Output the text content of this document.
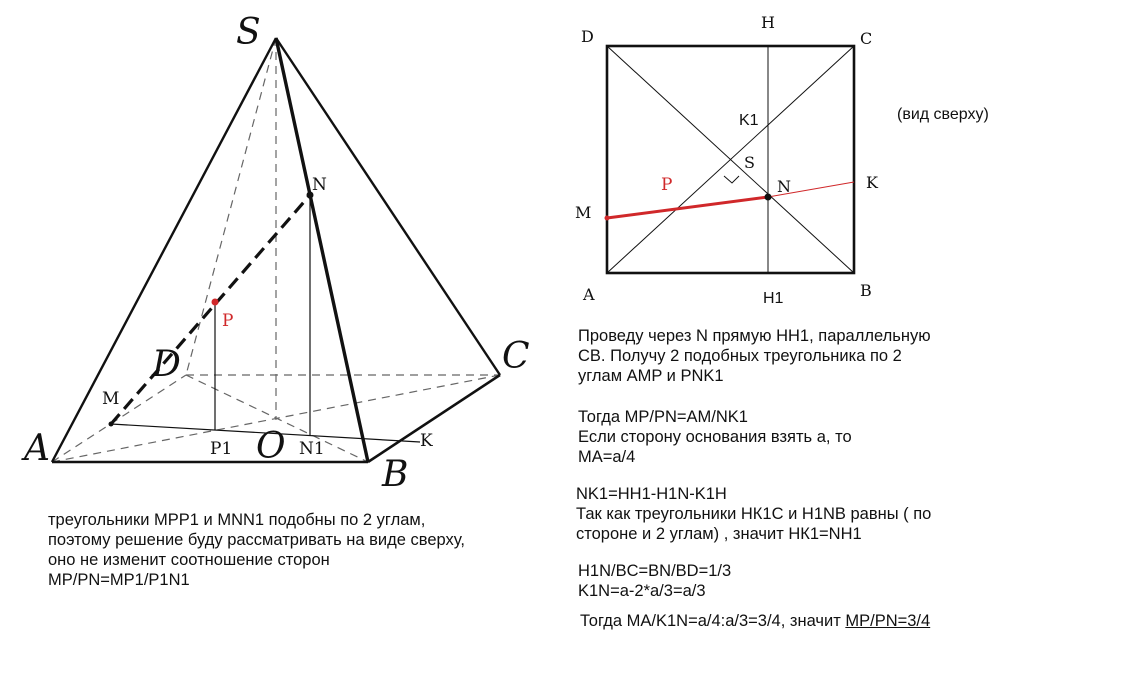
S
A
B
C
D
O
N
P
M
P1	N1	K
D	C
A	B
H
H1
K1
S
P	N
M
K
(вид сверху)
треугольники MPP1 и MNN1 подобны по 2 углам,
поэтому решение буду рассматривать на виде сверху,
оно не изменит соотношение сторон
MP/PN=MP1/P1N1
Проведу через N прямую HH1, параллельную
CB. Получу 2 подобных треугольника по 2
углам AMP и PNK1
Тогда MP/PN=AM/NK1
Если сторону основания взять a, то
MA=a/4
NK1=HH1-H1N-K1H
Так как треугольники НК1С и Н1NB равны ( по
стороне и 2 углам) , значит НК1=NH1
H1N/BC=BN/BD=1/3
K1N=a-2*a/3=a/3
Тогда MA/K1N=a/4:a/3=3/4, значит MP/PN=3/4
